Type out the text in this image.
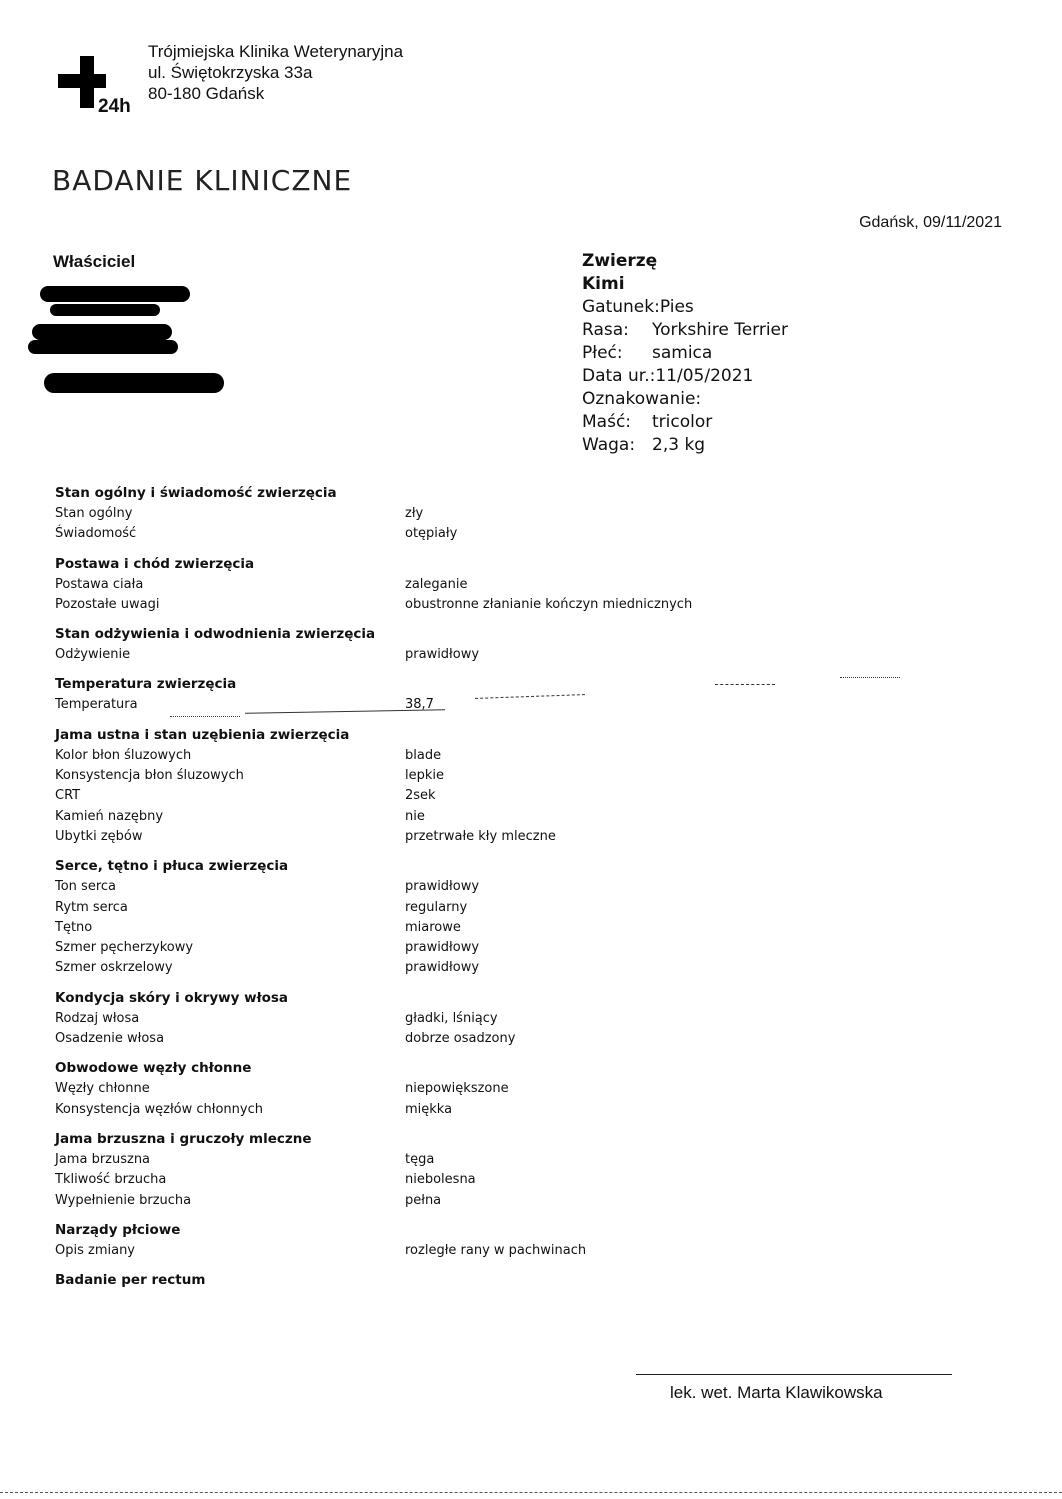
24h
Trójmiejska Klinika Weterynaryjna
ul. Świętokrzyska 33a
80-180 Gdańsk
BADANIE KLINICZNE
Gdańsk, 09/11/2021
Właściciel	Zwierzę
Kimi
Gatunek: Pies
Rasa:	Yorkshire Terrier
Płeć:	samica
Data ur.: 11/05/2021
Oznakowanie:
Maść:	tricolor
Waga: 2,3 kg
Stan ogólny i świadomość zwierzęcia
Stan ogólny	zły
Świadomość	otępiały
Postawa i chód zwierzęcia
Postawa ciała	zaleganie
Pozostałe uwagi	obustronne złanianie kończyn miednicznych
Stan odżywienia i odwodnienia zwierzęcia
Odżywienie	prawidłowy
Temperatura zwierzęcia
Temperatura	38,7
Jama ustna i stan uzębienia zwierzęcia
Kolor błon śluzowych	blade
Konsystencja błon śluzowych	lepkie
CRT	2sek
Kamień nazębny	nie
Ubytki zębów	przetrwałe kły mleczne
Serce, tętno i płuca zwierzęcia
Ton serca	prawidłowy
Rytm serca	regularny
Tętno	miarowe
Szmer pęcherzykowy	prawidłowy
Szmer oskrzelowy	prawidłowy
Kondycja skóry i okrywy włosa
Rodzaj włosa	gładki, lśniący
Osadzenie włosa	dobrze osadzony
Obwodowe węzły chłonne
Węzły chłonne	niepowiększone
Konsystencja węzłów chłonnych	miękka
Jama brzuszna i gruczoły mleczne
Jama brzuszna	tęga
Tkliwość brzucha	niebolesna
Wypełnienie brzucha	pełna
Narządy płciowe
Opis zmiany	rozległe rany w pachwinach
Badanie per rectum
lek. wet. Marta Klawikowska
